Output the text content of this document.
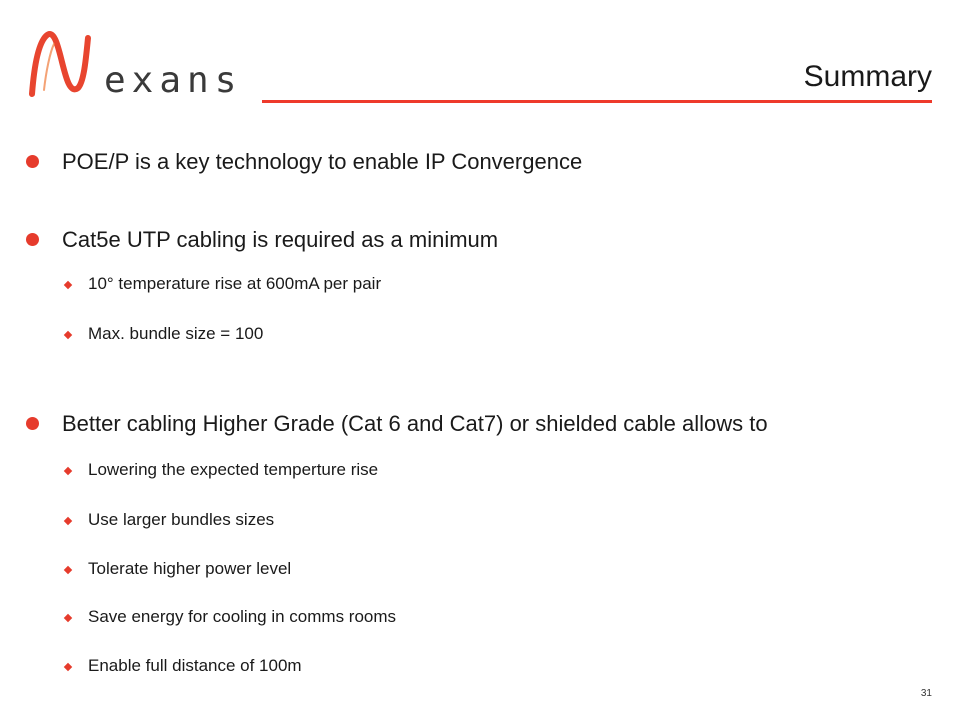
exans	Summary
POE/P is a key technology to enable IP Convergence
Cat5e UTP cabling is required as a minimum
10° temperature rise at 600mA per pair
Max. bundle size = 100
Better cabling Higher Grade (Cat 6 and Cat7) or shielded cable allows to
Lowering the expected temperture rise
Use larger bundles sizes
Tolerate higher power level
Save energy for cooling in comms rooms
Enable full distance of 100m
31
